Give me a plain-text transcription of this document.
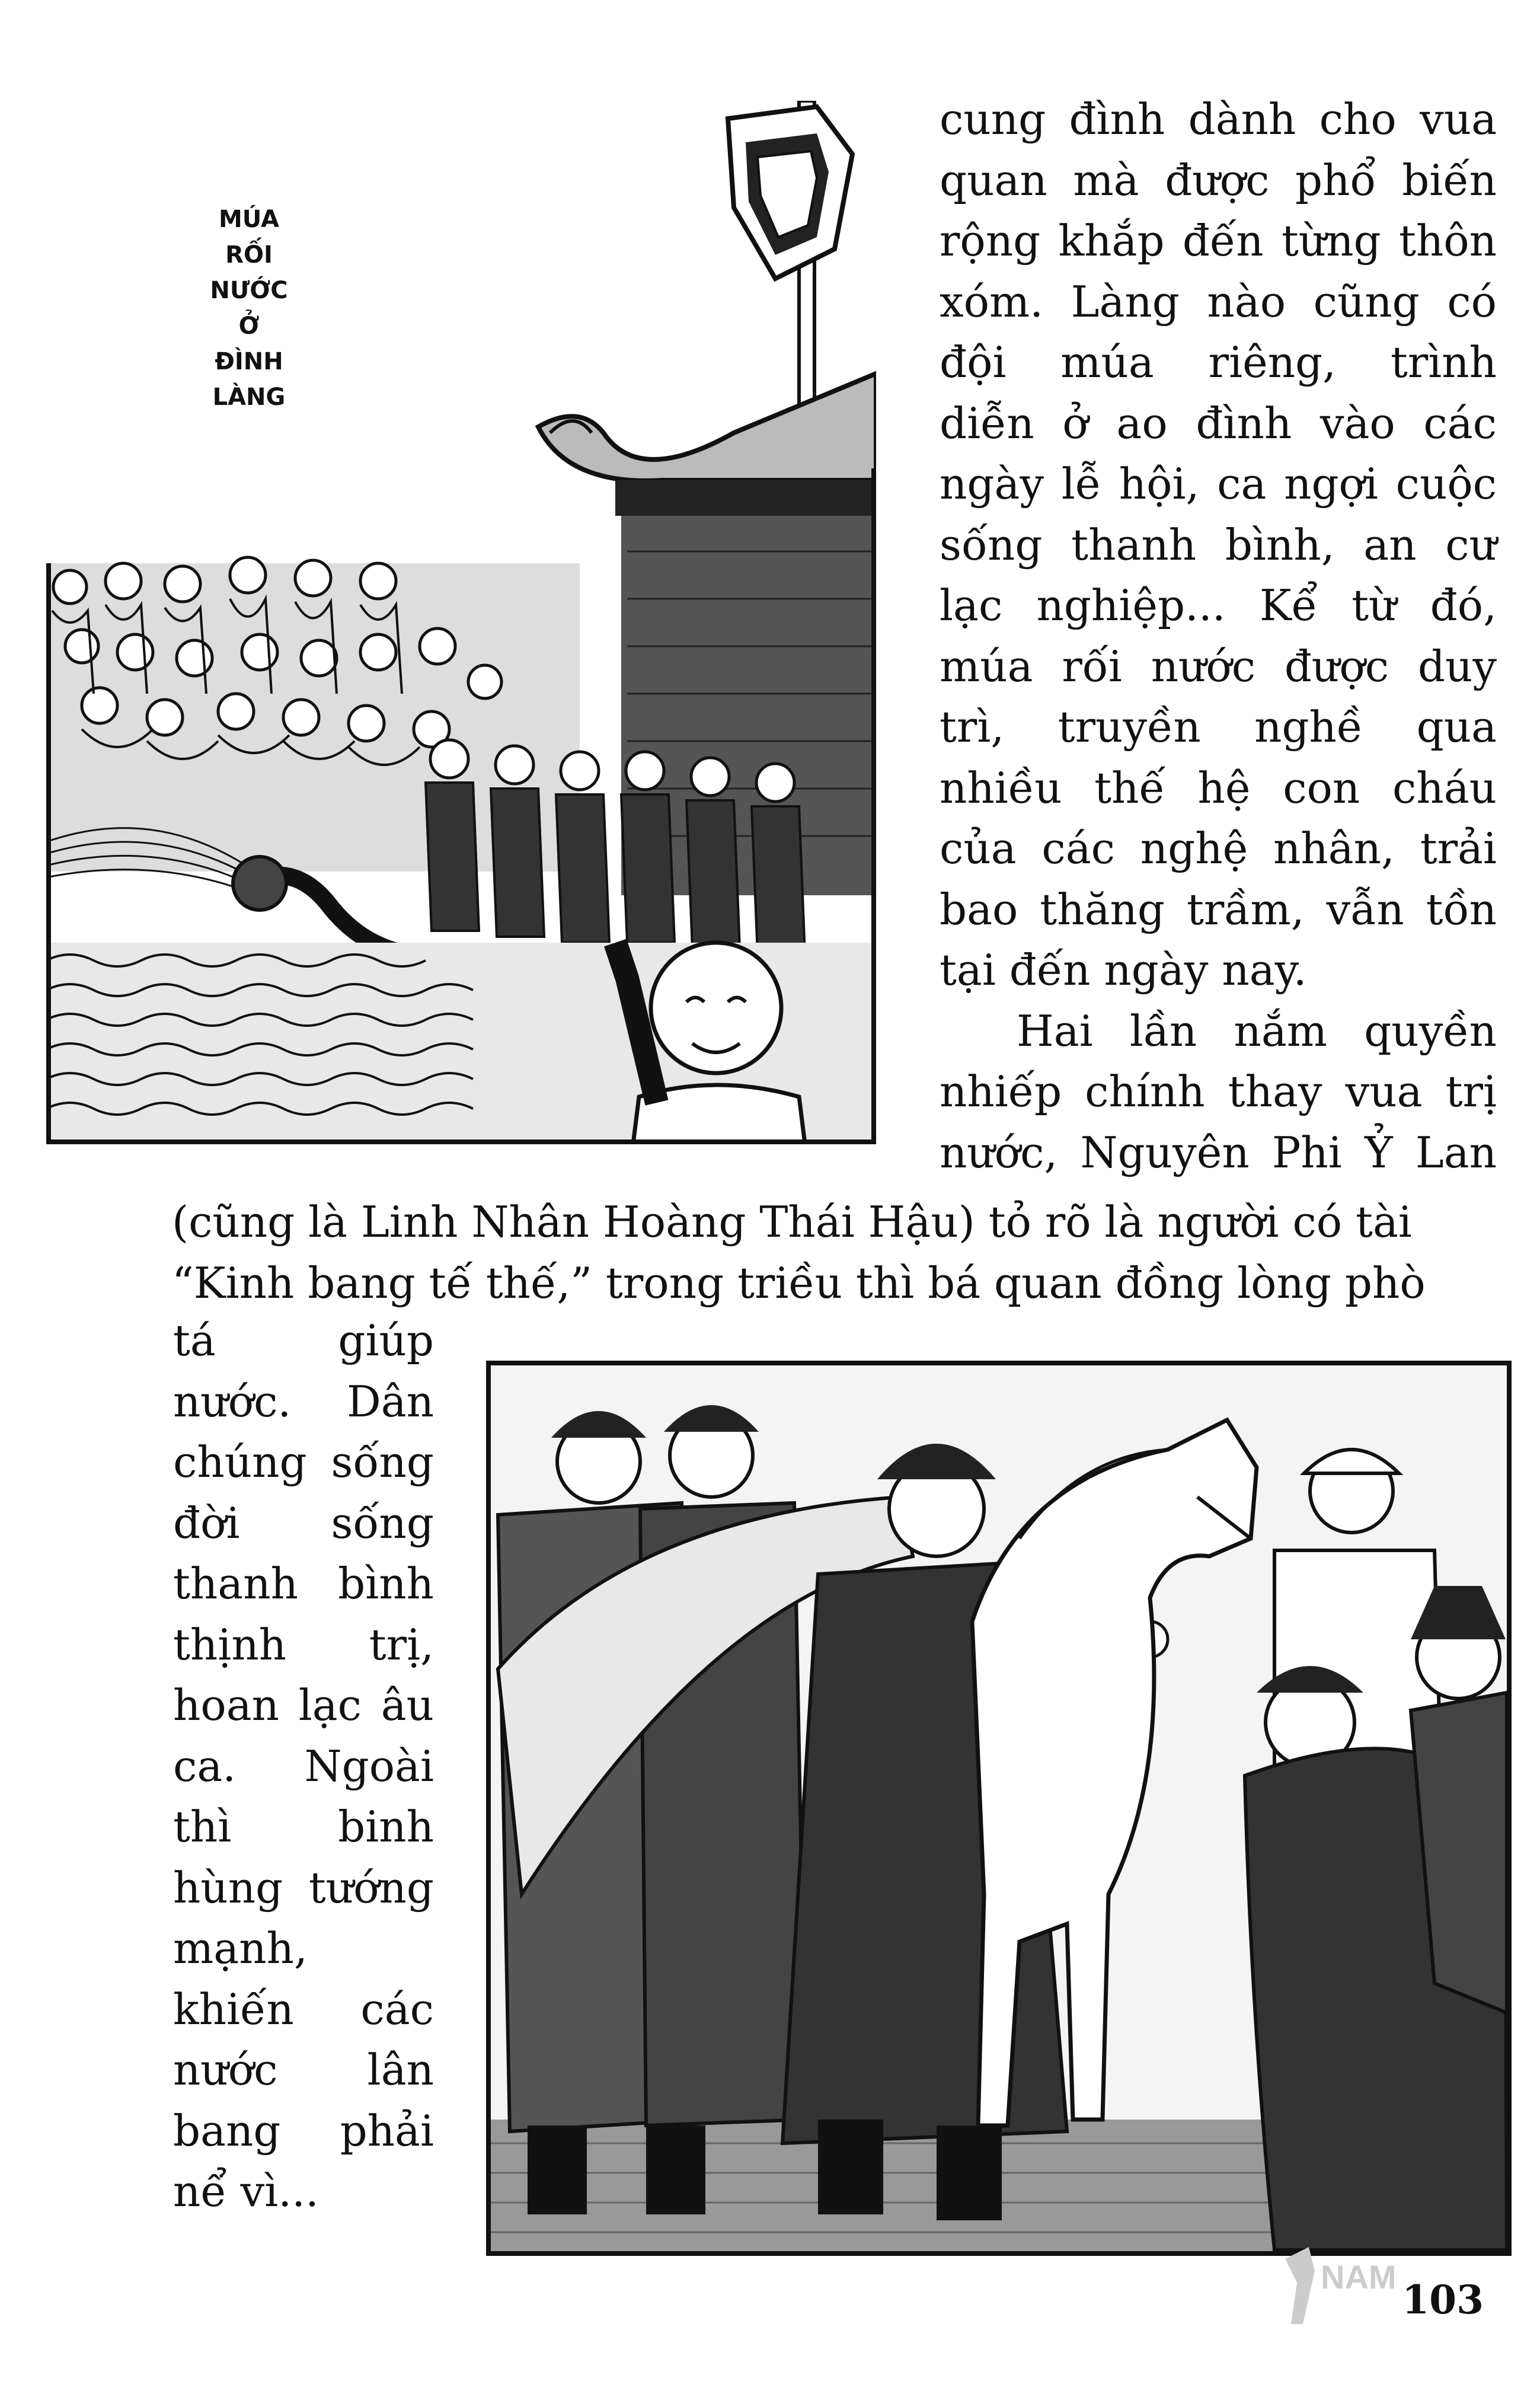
MÚA
RỐI
NƯỚC
Ở
ĐÌNH
LÀNG
cung đình dành cho vua
quan mà được phổ biến
rộng khắp đến từng thôn
xóm. Làng nào cũng có
đội múa riêng, trình
diễn ở ao đình vào các
ngày lễ hội, ca ngợi cuộc
sống thanh bình, an cư
lạc nghiệp... Kể từ đó,
múa rối nước được duy
trì, truyền nghề qua
nhiều thế hệ con cháu
của các nghệ nhân, trải
bao thăng trầm, vẫn tồn
tại đến ngày nay.
Hai lần nắm quyền
nhiếp chính thay vua trị
nước, Nguyên Phi Ỷ Lan
(cũng là Linh Nhân Hoàng Thái Hậu) tỏ rõ là người có tài
“Kinh bang tế thế,” trong triều thì bá quan đồng lòng phò
tá giúp
nước. Dân
chúng sống
đời sống
thanh bình
thịnh trị,
hoan lạc âu
ca. Ngoài
thì binh
hùng tướng
mạnh,
khiến các
nước lân
bang phải
nể vì...
NAM 103
